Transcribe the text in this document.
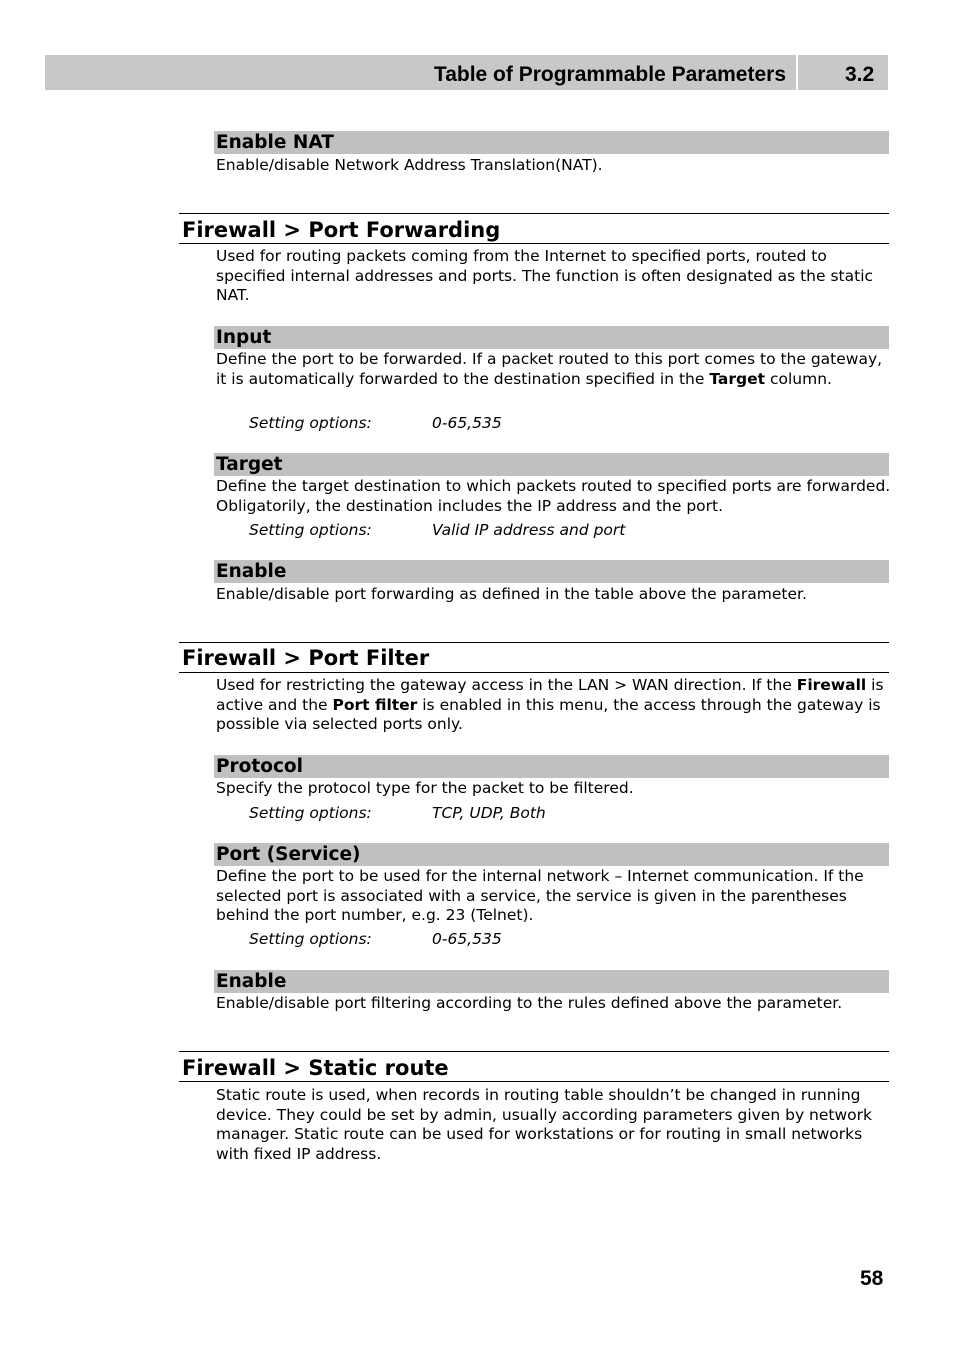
Table of Programmable Parameters	3.2
Enable NAT
Enable/disable Network Address Translation(NAT).
Firewall > Port Forwarding
Used for routing packets coming from the Internet to specified ports, routed to specified internal addresses and ports. The function is often designated as the static NAT.
Input
Define the port to be forwarded. If a packet routed to this port comes to the gateway, it is automatically forwarded to the destination specified in the Target column.
Setting options:	0-65,535
Target
Define the target destination to which packets routed to specified ports are forwarded. Obligatorily, the destination includes the IP address and the port.
Setting options:	Valid IP address and port
Enable
Enable/disable port forwarding as defined in the table above the parameter.
Firewall > Port Filter
Used for restricting the gateway access in the LAN > WAN direction. If the Firewall is active and the Port filter is enabled in this menu, the access through the gateway is possible via selected ports only.
Protocol
Specify the protocol type for the packet to be filtered.
Setting options:	TCP, UDP, Both
Port (Service)
Define the port to be used for the internal network – Internet communication. If the selected port is associated with a service, the service is given in the parentheses behind the port number, e.g. 23 (Telnet).
Setting options:	0-65,535
Enable
Enable/disable port filtering according to the rules defined above the parameter.
Firewall > Static route
Static route is used, when records in routing table shouldn’t be changed in running device. They could be set by admin, usually according parameters given by network manager. Static route can be used for workstations or for routing in small networks with fixed IP address.
58
